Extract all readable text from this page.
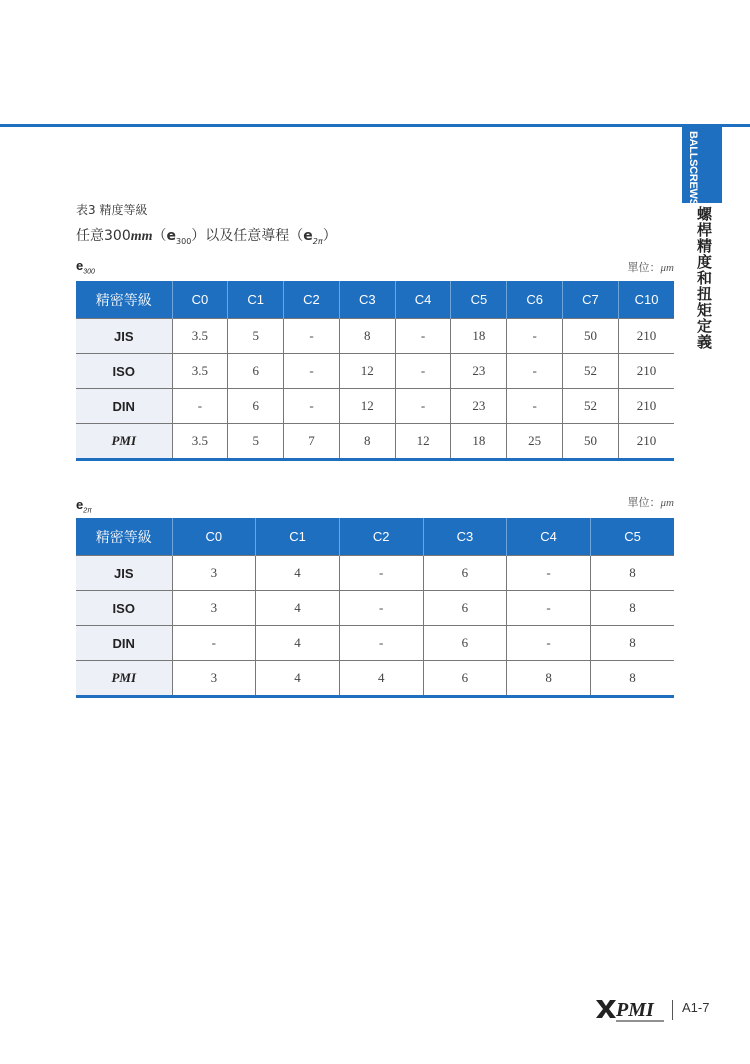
BALLSCREWS
螺桿精度和扭矩定義
表3 精度等級
任意$300mm(e_{300})$以及任意導程$(e_{2\pi})$
$e_{300}$	單位：μm
精密等級	C0	C1	C2	C3	C4	C5	C6	C7	C10
JIS	3.5	5	-	8	-	18	-	50	210
ISO	3.5	6	-	12	-	23	-	52	210
DIN	-	6	-	12	-	23	-	52	210
PMI	3.5	5	7	8	12	18	25	50	210
$e_{2\pi}$
單位：μm
精密等級	C0	C1	C2	C3	C4	C5
JIS	3	4	-	6	-	8
ISO	3	4	-	6	-	8
DIN	-	4	-	6	-	8
PMI	3	4	4	6	8	8
PMI A1-7
